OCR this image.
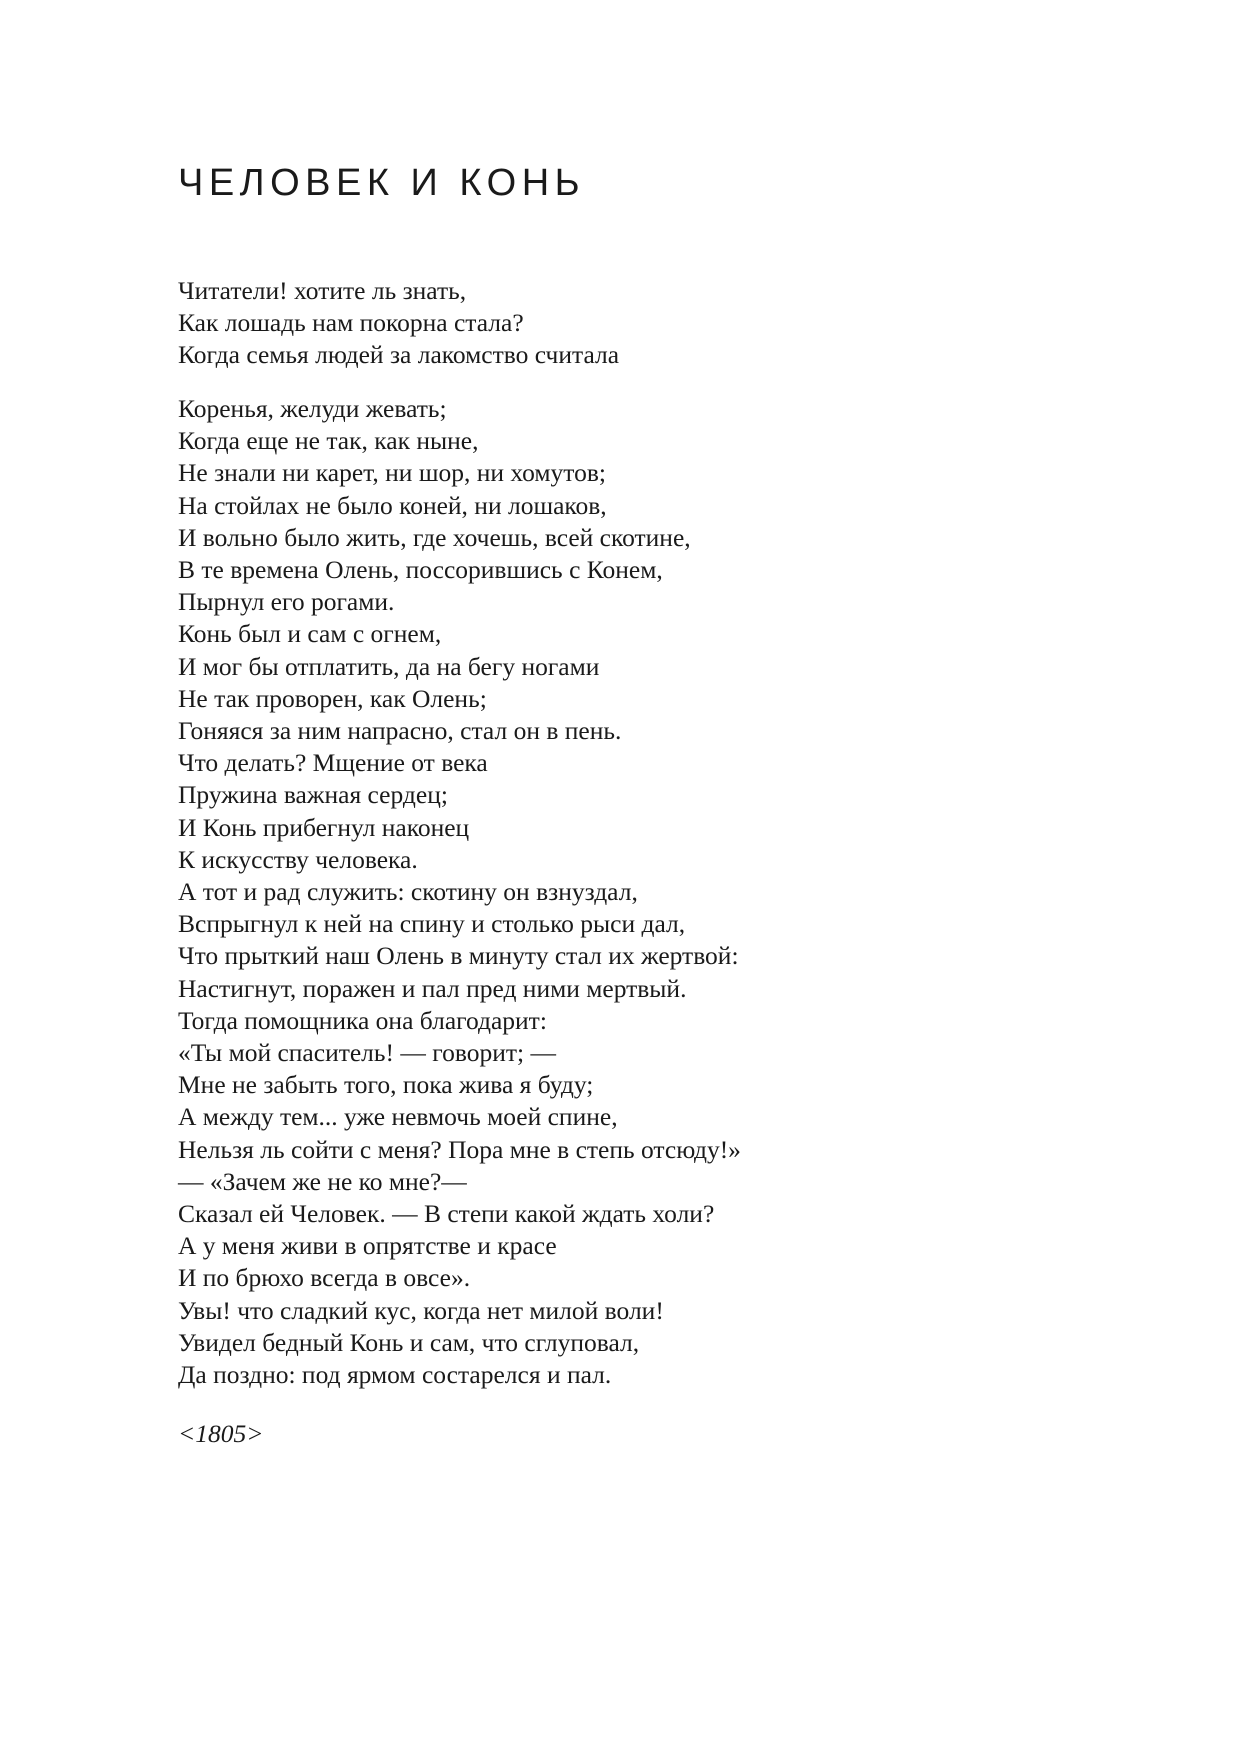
ЧЕЛОВЕК И КОНЬ
Читатели! хотите ль знать,
Как лошадь нам покорна стала?
Когда семья людей за лакомство считала
Коренья, желуди жевать;
Когда еще не так, как ныне,
Не знали ни карет, ни шор, ни хомутов;
На стойлах не было коней, ни лошаков,
И вольно было жить, где хочешь, всей скотине,
В те времена Олень, поссорившись с Конем,
Пырнул его рогами.
Конь был и сам с огнем,
И мог бы отплатить, да на бегу ногами
Не так проворен, как Олень;
Гоняяся за ним напрасно, стал он в пень.
Что делать? Мщение от века
Пружина важная сердец;
И Конь прибегнул наконец
К искусству человека.
А тот и рад служить: скотину он взнуздал,
Вспрыгнул к ней на спину и столько рыси дал,
Что прыткий наш Олень в минуту стал их жертвой:
Настигнут, поражен и пал пред ними мертвый.
Тогда помощника она благодарит:
«Ты мой спаситель! — говорит; —
Мне не забыть того, пока жива я буду;
А между тем... уже невмочь моей спине,
Нельзя ль сойти с меня? Пора мне в степь отсюду!»
— «Зачем же не ко мне?—
Сказал ей Человек. — В степи какой ждать холи?
А у меня живи в опрятстве и красе
И по брюхо всегда в овсе».
Увы! что сладкий кус, когда нет милой воли!
Увидел бедный Конь и сам, что сглуповал,
Да поздно: под ярмом состарелся и пал.

<1805>
